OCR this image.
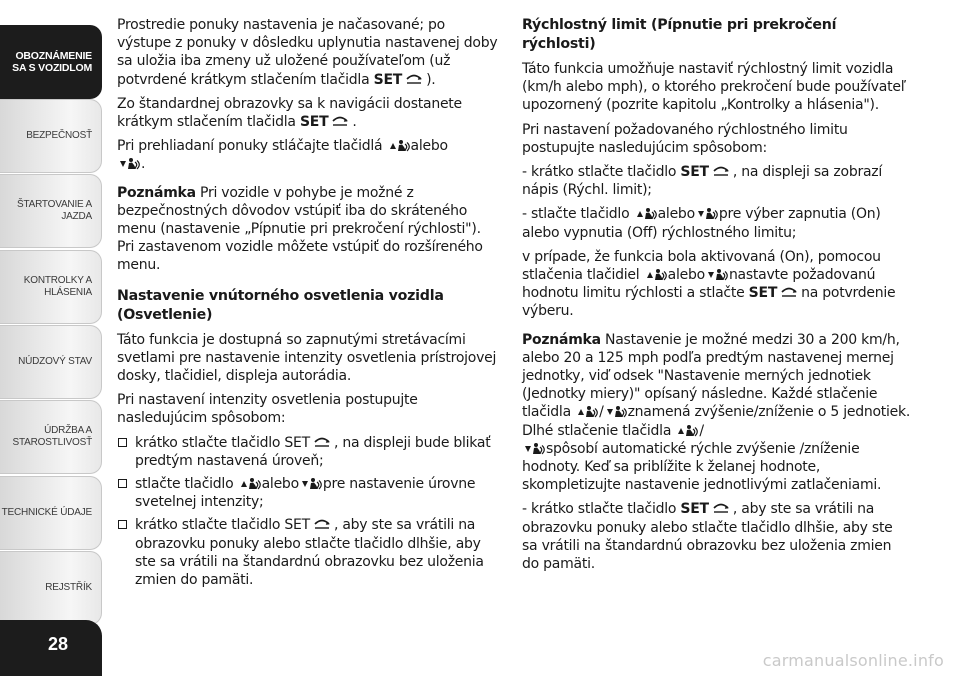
OBOZNÁMENIE
SA S VOZIDLOM
BEZPEČNOSŤ
ŠTARTOVANIE A
JAZDA
KONTROLKY A
HLÁSENIA
NÚDZOVÝ STAV
ÚDRŽBA A
STAROSTLIVOSŤ
TECHNICKÉ ÚDAJE
REJSTŘÍK
28

Prostredie ponuky nastavenia je načasované; po výstupe z ponuky v dôsledku uplynutia nastavenej doby sa uložia iba zmeny už uložené používateľom (už potvrdené krátkym stlačením tlačidla SET ).

Zo štandardnej obrazovky sa k navigácii dostanete krátkym stlačením tlačidla SET .

Pri prehliadaní ponuky stláčajte tlačidlá alebo
.

Poznámka Pri vozidle v pohybe je možné z bezpečnostných dôvodov vstúpiť iba do skráteného menu (nastavenie „Pípnutie pri prekročení rýchlosti"). Pri zastavenom vozidle môžete vstúpiť do rozšíreného menu.

Nastavenie vnútorného osvetlenia vozidla (Osvetlenie)

Táto funkcia je dostupná so zapnutými stretávacími svetlami pre nastavenie intenzity osvetlenia prístrojovej dosky, tlačidiel, displeja autorádia.

Pri nastavení intenzity osvetlenia postupujte nasledujúcim spôsobom:

krátko stlačte tlačidlo SET , na displeji bude blikať predtým nastavená úroveň;
stlačte tlačidlo alebo pre nastavenie úrovne svetelnej intenzity;
krátko stlačte tlačidlo SET , aby ste sa vrátili na obrazovku ponuky alebo stlačte tlačidlo dlhšie, aby ste sa vrátili na štandardnú obrazovku bez uloženia zmien do pamäti.
Rýchlostný limit (Pípnutie pri prekročení rýchlosti)

Táto funkcia umožňuje nastaviť rýchlostný limit vozidla (km/h alebo mph), o ktorého prekročení bude používateľ upozornený (pozrite kapitolu „Kontrolky a hlásenia").

Pri nastavení požadovaného rýchlostného limitu postupujte nasledujúcim spôsobom:

- krátko stlačte tlačidlo SET , na displeji sa zobrazí nápis (Rýchl. limit);

- stlačte tlačidlo alebo pre výber zapnutia (On) alebo vypnutia (Off) rýchlostného limitu;

v prípade, že funkcia bola aktivovaná (On), pomocou stlačenia tlačidiel alebo nastavte požadovanú hodnotu limitu rýchlosti a stlačte SET na potvrdenie výberu.

Poznámka Nastavenie je možné medzi 30 a 200 km/h, alebo 20 a 125 mph podľa predtým nastavenej mernej jednotky, viď odsek "Nastavenie merných jednotiek (Jednotky miery)" opísaný následne. Každé stlačenie tlačidla / znamená zvýšenie/zníženie o 5 jednotiek. Dlhé stlačenie tlačidla /
spôsobí automatické rýchle zvýšenie /zníženie hodnoty. Keď sa priblížite k želanej hodnote, skompletizujte nastavenie jednotlivými zatlačeniami.

- krátko stlačte tlačidlo SET , aby ste sa vrátili na obrazovku ponuky alebo stlačte tlačidlo dlhšie, aby ste sa vrátili na štandardnú obrazovku bez uloženia zmien do pamäti.

carmanualsonline.info
